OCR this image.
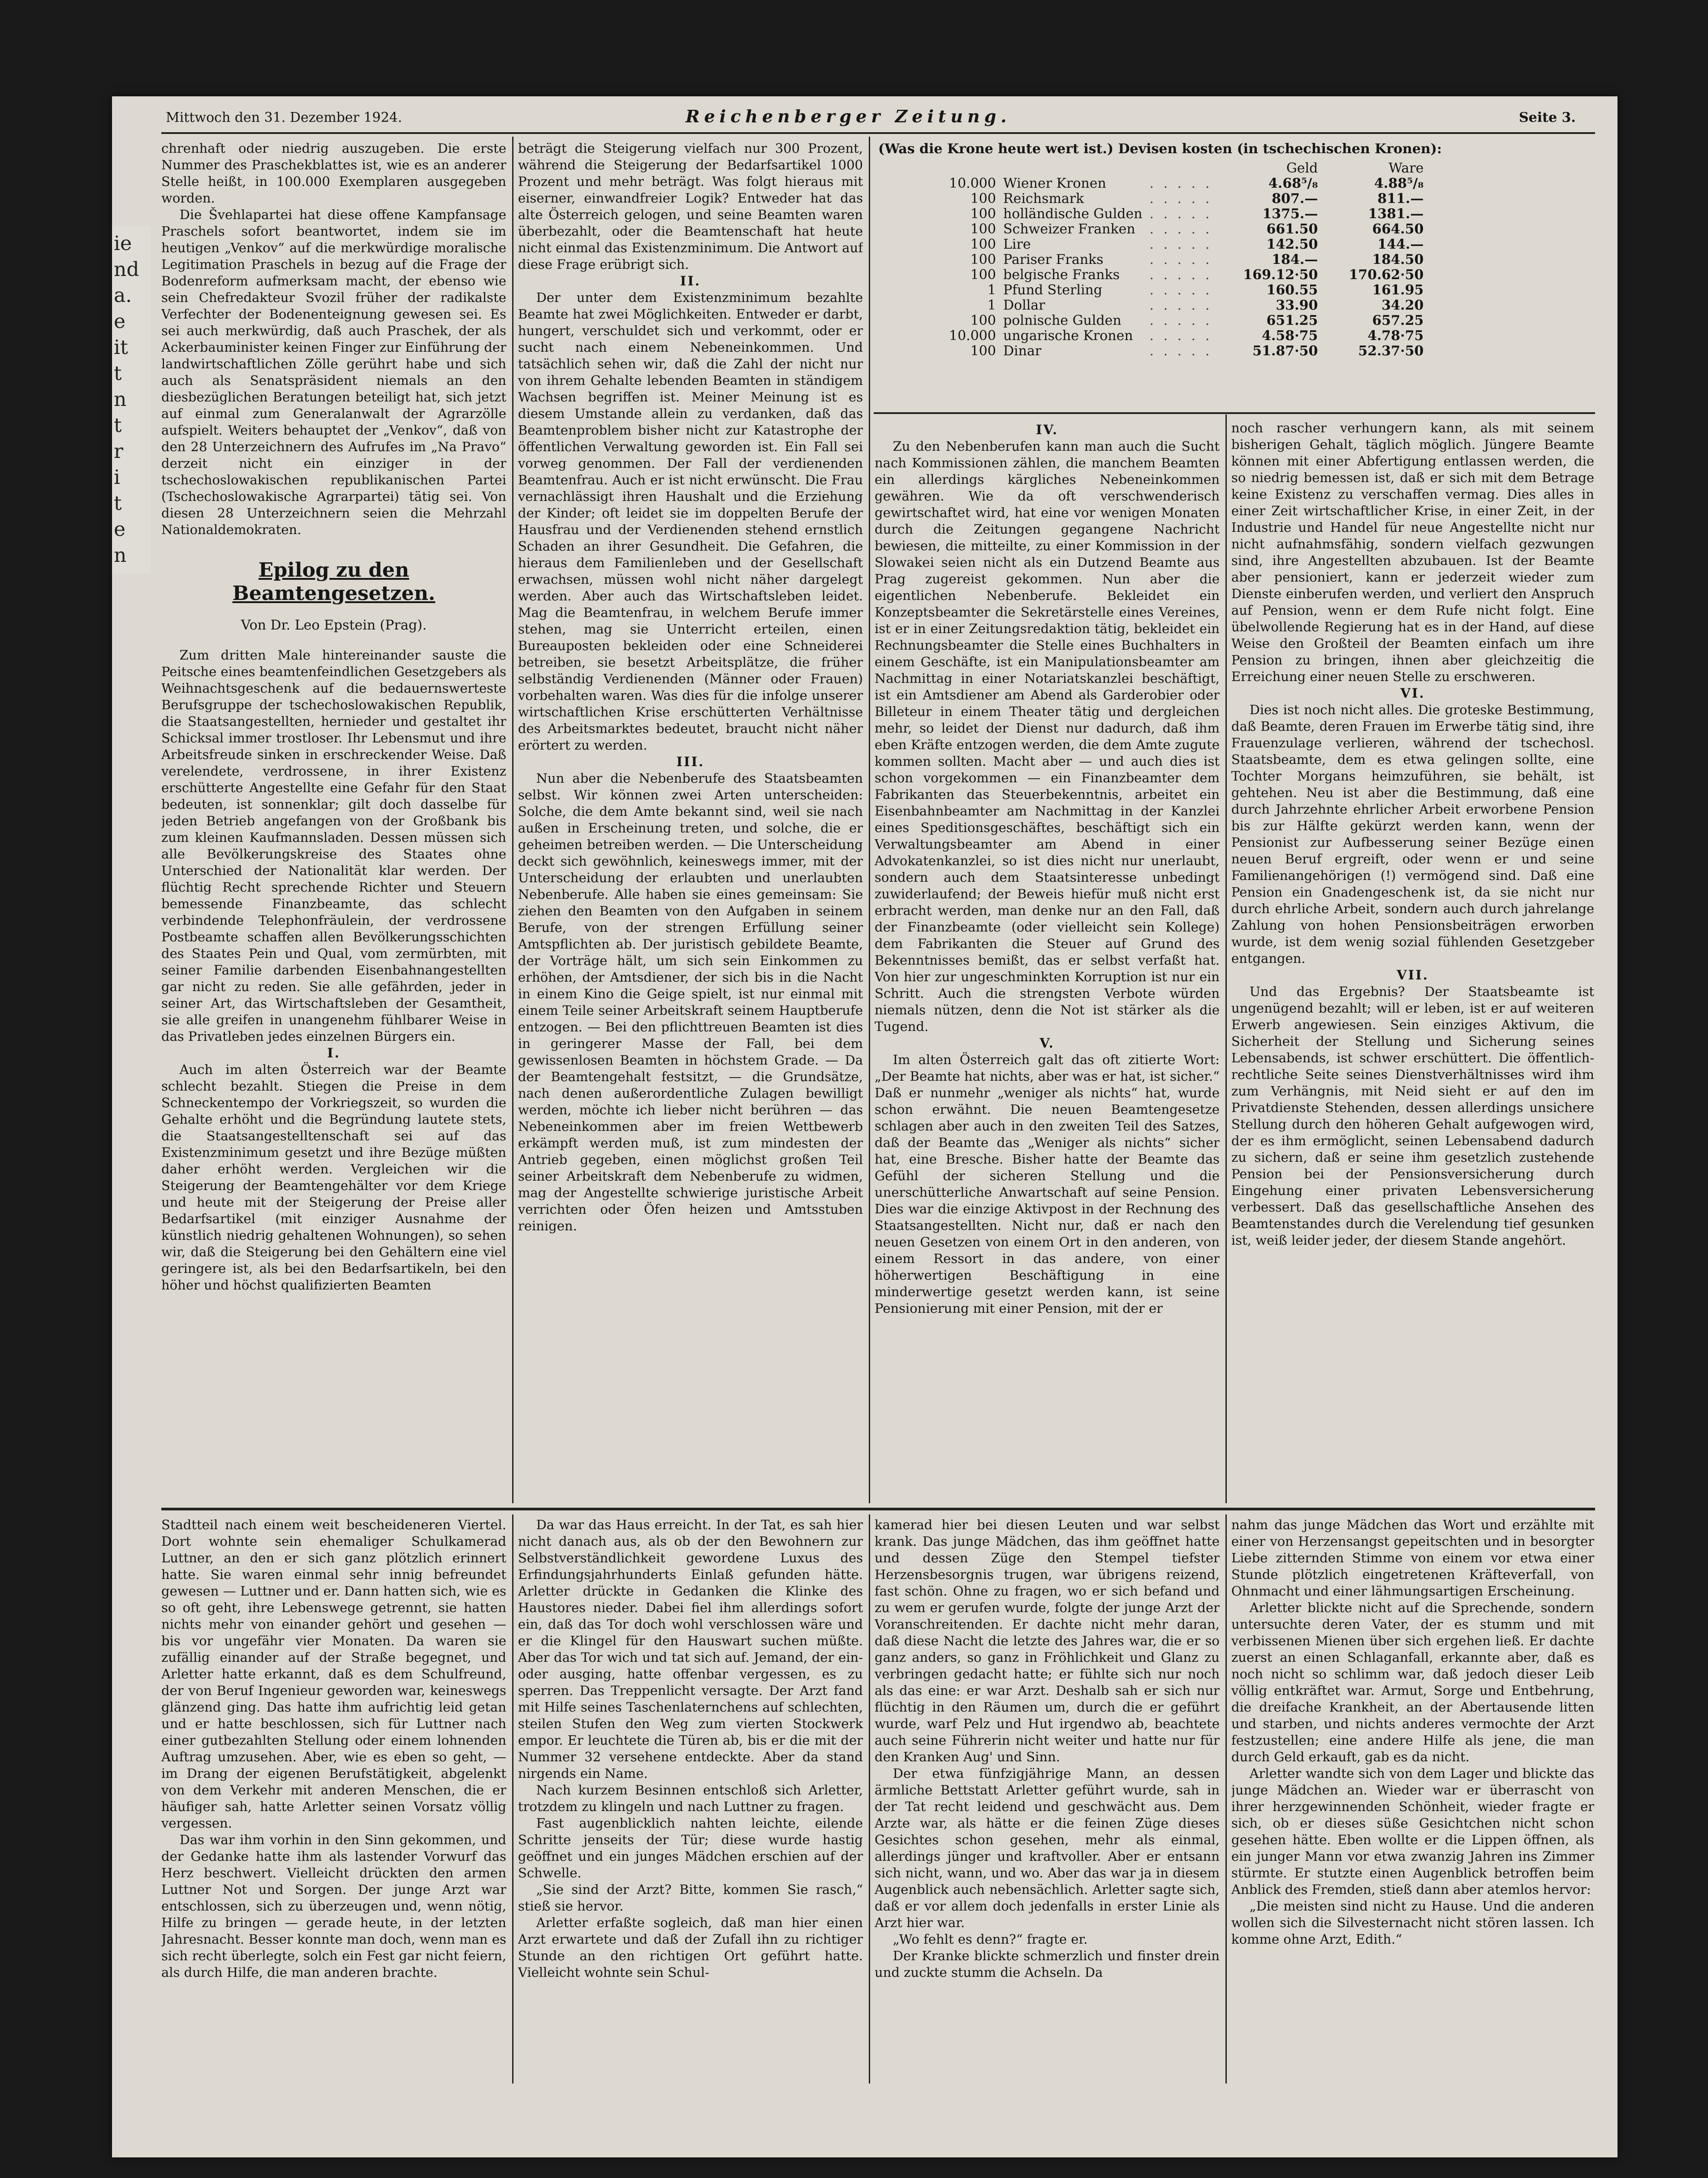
ie
nd
a.
e
it
t
n
t
r
i
t
e
n
Mittwoch den 31. Dezember 1924.	Reichenberger Zeitung.	Seite 3.

chrenhaft oder niedrig auszugeben. Die erste Nummer des Praschekblattes ist, wie es an anderer Stelle heißt, in 100.000 Exemplaren ausgegeben worden.

Die Švehlapartei hat diese offene Kampfansage Praschels sofort beantwortet, indem sie im heutigen „Venkov“ auf die merkwürdige moralische Legitimation Praschels in bezug auf die Frage der Bodenreform aufmerksam macht, der ebenso wie sein Chefredakteur Svozil früher der radikalste Verfechter der Bodenenteignung gewesen sei. Es sei auch merkwürdig, daß auch Praschek, der als Ackerbauminister keinen Finger zur Einführung der landwirtschaftlichen Zölle gerührt habe und sich auch als Senatspräsident niemals an den diesbezüglichen Beratungen beteiligt hat, sich jetzt auf einmal zum Generalanwalt der Agrarzölle aufspielt. Weiters behauptet der „Venkov“, daß von den 28 Unterzeichnern des Aufrufes im „Na Pravo“ derzeit nicht ein einziger in der tschechoslowakischen republikanischen Partei (Tschechoslowakische Agrarpartei) tätig sei. Von diesen 28 Unterzeichnern seien die Mehrzahl Nationaldemokraten.

Epilog zu den Beamtengesetzen.
Von Dr. Leo Epstein (Prag).

Zum dritten Male hintereinander sauste die Peitsche eines beamtenfeindlichen Gesetzgebers als Weihnachtsgeschenk auf die bedauernswerteste Berufsgruppe der tschechoslowakischen Republik, die Staatsangestellten, hernieder und gestaltet ihr Schicksal immer trostloser. Ihr Lebensmut und ihre Arbeitsfreude sinken in erschreckender Weise. Daß verelendete, verdrossene, in ihrer Existenz erschütterte Angestellte eine Gefahr für den Staat bedeuten, ist sonnenklar; gilt doch dasselbe für jeden Betrieb angefangen von der Großbank bis zum kleinen Kaufmannsladen. Dessen müssen sich alle Bevölkerungskreise des Staates ohne Unterschied der Nationalität klar werden. Der flüchtig Recht sprechende Richter und Steuern bemessende Finanzbeamte, das schlecht verbindende Telephonfräulein, der verdrossene Postbeamte schaffen allen Bevölkerungsschichten des Staates Pein und Qual, vom zermürbten, mit seiner Familie darbenden Eisenbahnangestellten gar nicht zu reden. Sie alle gefährden, jeder in seiner Art, das Wirtschaftsleben der Gesamtheit, sie alle greifen in unangenehm fühlbarer Weise in das Privatleben jedes einzelnen Bürgers ein.

I.

Auch im alten Österreich war der Beamte schlecht bezahlt. Stiegen die Preise in dem Schneckentempo der Vorkriegszeit, so wurden die Gehalte erhöht und die Begründung lautete stets, die Staatsangestelltenschaft sei auf das Existenzminimum gesetzt und ihre Bezüge müßten daher erhöht werden. Vergleichen wir die Steigerung der Beamtengehälter vor dem Kriege und heute mit der Steigerung der Preise aller Bedarfsartikel (mit einziger Ausnahme der künstlich niedrig gehaltenen Wohnungen), so sehen wir, daß die Steigerung bei den Gehältern eine viel geringere ist, als bei den Bedarfsartikeln, bei den höher und höchst qualifizierten Beamten

beträgt die Steigerung vielfach nur 300 Prozent, während die Steigerung der Bedarfsartikel 1000 Prozent und mehr beträgt. Was folgt hieraus mit eiserner, einwandfreier Logik? Entweder hat das alte Österreich gelogen, und seine Beamten waren überbezahlt, oder die Beamtenschaft hat heute nicht einmal das Existenzminimum. Die Antwort auf diese Frage erübrigt sich.

II.

Der unter dem Existenzminimum bezahlte Beamte hat zwei Möglichkeiten. Entweder er darbt, hungert, verschuldet sich und verkommt, oder er sucht nach einem Nebeneinkommen. Und tatsächlich sehen wir, daß die Zahl der nicht nur von ihrem Gehalte lebenden Beamten in ständigem Wachsen begriffen ist. Meiner Meinung ist es diesem Umstande allein zu verdanken, daß das Beamtenproblem bisher nicht zur Katastrophe der öffentlichen Verwaltung geworden ist. Ein Fall sei vorweg genommen. Der Fall der verdienenden Beamtenfrau. Auch er ist nicht erwünscht. Die Frau vernachlässigt ihren Haushalt und die Erziehung der Kinder; oft leidet sie im doppelten Berufe der Hausfrau und der Verdienenden stehend ernstlich Schaden an ihrer Gesundheit. Die Gefahren, die hieraus dem Familienleben und der Gesellschaft erwachsen, müssen wohl nicht näher dargelegt werden. Aber auch das Wirtschaftsleben leidet. Mag die Beamtenfrau, in welchem Berufe immer stehen, mag sie Unterricht erteilen, einen Bureauposten bekleiden oder eine Schneiderei betreiben, sie besetzt Arbeitsplätze, die früher selbständig Verdienenden (Männer oder Frauen) vorbehalten waren. Was dies für die infolge unserer wirtschaftlichen Krise erschütterten Verhältnisse des Arbeitsmarktes bedeutet, braucht nicht näher erörtert zu werden.

III.

Nun aber die Nebenberufe des Staatsbeamten selbst. Wir können zwei Arten unterscheiden: Solche, die dem Amte bekannt sind, weil sie nach außen in Erscheinung treten, und solche, die er geheimen betreiben werden. — Die Unterscheidung deckt sich gewöhnlich, keineswegs immer, mit der Unterscheidung der erlaubten und unerlaubten Nebenberufe. Alle haben sie eines gemeinsam: Sie ziehen den Beamten von den Aufgaben in seinem Berufe, von der strengen Erfüllung seiner Amtspflichten ab. Der juristisch gebildete Beamte, der Vorträge hält, um sich sein Einkommen zu erhöhen, der Amtsdiener, der sich bis in die Nacht in einem Kino die Geige spielt, ist nur einmal mit einem Teile seiner Arbeitskraft seinem Hauptberufe entzogen. — Bei den pflichttreuen Beamten ist dies in geringerer Masse der Fall, bei dem gewissenlosen Beamten in höchstem Grade. — Da der Beamtengehalt festsitzt, — die Grundsätze, nach denen außerordentliche Zulagen bewilligt werden, möchte ich lieber nicht berühren — das Nebeneinkommen aber im freien Wettbewerb erkämpft werden muß, ist zum mindesten der Antrieb gegeben, einen möglichst großen Teil seiner Arbeitskraft dem Nebenberufe zu widmen, mag der Angestellte schwierige juristische Arbeit verrichten oder Öfen heizen und Amtsstuben reinigen.

(Was die Krone heute wert ist.) Devisen kosten (in tschechischen Kronen):
			Geld	Ware
10.000	Wiener Kronen	. . . . .	4.68⁵/₈	4.88⁵/₈
100	Reichsmark	. . . . .	807.—	811.—
100	holländische Gulden	. . . . .	1375.—	1381.—
100	Schweizer Franken	. . . . .	661.50	664.50
100	Lire	. . . . .	142.50	144.—
100	Pariser Franks	. . . . .	184.—	184.50
100	belgische Franks	. . . . .	169.12·50	170.62·50
1	Pfund Sterling	. . . . .	160.55	161.95
1	Dollar	. . . . .	33.90	34.20
100	polnische Gulden	. . . . .	651.25	657.25
10.000	ungarische Kronen	. . . . .	4.58·75	4.78·75
100	Dinar	. . . . .	51.87·50	52.37·50

IV.

Zu den Nebenberufen kann man auch die Sucht nach Kommissionen zählen, die manchem Beamten ein allerdings kärgliches Nebeneinkommen gewähren. Wie da oft verschwenderisch gewirtschaftet wird, hat eine vor wenigen Monaten durch die Zeitungen gegangene Nachricht bewiesen, die mitteilte, zu einer Kommission in der Slowakei seien nicht als ein Dutzend Beamte aus Prag zugereist gekommen. Nun aber die eigentlichen Nebenberufe. Bekleidet ein Konzeptsbeamter die Sekretärstelle eines Vereines, ist er in einer Zeitungsredaktion tätig, bekleidet ein Rechnungsbeamter die Stelle eines Buchhalters in einem Geschäfte, ist ein Manipulationsbeamter am Nachmittag in einer Notariatskanzlei beschäftigt, ist ein Amtsdiener am Abend als Garderobier oder Billeteur in einem Theater tätig und dergleichen mehr, so leidet der Dienst nur dadurch, daß ihm eben Kräfte entzogen werden, die dem Amte zugute kommen sollten. Macht aber — und auch dies ist schon vorgekommen — ein Finanzbeamter dem Fabrikanten das Steuerbekenntnis, arbeitet ein Eisenbahnbeamter am Nachmittag in der Kanzlei eines Speditionsgeschäftes, beschäftigt sich ein Verwaltungsbeamter am Abend in einer Advokatenkanzlei, so ist dies nicht nur unerlaubt, sondern auch dem Staatsinteresse unbedingt zuwiderlaufend; der Beweis hiefür muß nicht erst erbracht werden, man denke nur an den Fall, daß der Finanzbeamte (oder vielleicht sein Kollege) dem Fabrikanten die Steuer auf Grund des Bekenntnisses bemißt, das er selbst verfaßt hat. Von hier zur ungeschminkten Korruption ist nur ein Schritt. Auch die strengsten Verbote würden niemals nützen, denn die Not ist stärker als die Tugend.

V.

Im alten Österreich galt das oft zitierte Wort: „Der Beamte hat nichts, aber was er hat, ist sicher.“ Daß er nunmehr „weniger als nichts“ hat, wurde schon erwähnt. Die neuen Beamtengesetze schlagen aber auch in den zweiten Teil des Satzes, daß der Beamte das „Weniger als nichts“ sicher hat, eine Bresche. Bisher hatte der Beamte das Gefühl der sicheren Stellung und die unerschütterliche Anwartschaft auf seine Pension. Dies war die einzige Aktivpost in der Rechnung des Staatsangestellten. Nicht nur, daß er nach den neuen Gesetzen von einem Ort in den anderen, von einem Ressort in das andere, von einer höherwertigen Beschäftigung in eine minderwertige gesetzt werden kann, ist seine Pensionierung mit einer Pension, mit der er

noch rascher verhungern kann, als mit seinem bisherigen Gehalt, täglich möglich. Jüngere Beamte können mit einer Abfertigung entlassen werden, die so niedrig bemessen ist, daß er sich mit dem Betrage keine Existenz zu verschaffen vermag. Dies alles in einer Zeit wirtschaftlicher Krise, in einer Zeit, in der Industrie und Handel für neue Angestellte nicht nur nicht aufnahmsfähig, sondern vielfach gezwungen sind, ihre Angestellten abzubauen. Ist der Beamte aber pensioniert, kann er jederzeit wieder zum Dienste einberufen werden, und verliert den Anspruch auf Pension, wenn er dem Rufe nicht folgt. Eine übelwollende Regierung hat es in der Hand, auf diese Weise den Großteil der Beamten einfach um ihre Pension zu bringen, ihnen aber gleichzeitig die Erreichung einer neuen Stelle zu erschweren.

VI.

Dies ist noch nicht alles. Die groteske Bestimmung, daß Beamte, deren Frauen im Erwerbe tätig sind, ihre Frauenzulage verlieren, während der tschechosl. Staatsbeamte, dem es etwa gelingen sollte, eine Tochter Morgans heimzuführen, sie behält, ist gehtehen. Neu ist aber die Bestimmung, daß eine durch Jahrzehnte ehrlicher Arbeit erworbene Pension bis zur Hälfte gekürzt werden kann, wenn der Pensionist zur Aufbesserung seiner Bezüge einen neuen Beruf ergreift, oder wenn er und seine Familienangehörigen (!) vermögend sind. Daß eine Pension ein Gnadengeschenk ist, da sie nicht nur durch ehrliche Arbeit, sondern auch durch jahrelange Zahlung von hohen Pensionsbeiträgen erworben wurde, ist dem wenig sozial fühlenden Gesetzgeber entgangen.

VII.

Und das Ergebnis? Der Staatsbeamte ist ungenügend bezahlt; will er leben, ist er auf weiteren Erwerb angewiesen. Sein einziges Aktivum, die Sicherheit der Stellung und Sicherung seines Lebensabends, ist schwer erschüttert. Die öffentlich-rechtliche Seite seines Dienstverhältnisses wird ihm zum Verhängnis, mit Neid sieht er auf den im Privatdienste Stehenden, dessen allerdings unsichere Stellung durch den höheren Gehalt aufgewogen wird, der es ihm ermöglicht, seinen Lebensabend dadurch zu sichern, daß er seine ihm gesetzlich zustehende Pension bei der Pensionsversicherung durch Eingehung einer privaten Lebensversicherung verbessert. Daß das gesellschaftliche Ansehen des Beamtenstandes durch die Verelendung tief gesunken ist, weiß leider jeder, der diesem Stande angehört.

Stadtteil nach einem weit bescheideneren Viertel. Dort wohnte sein ehemaliger Schulkamerad Luttner, an den er sich ganz plötzlich erinnert hatte. Sie waren einmal sehr innig befreundet gewesen — Luttner und er. Dann hatten sich, wie es so oft geht, ihre Lebenswege getrennt, sie hatten nichts mehr von einander gehört und gesehen — bis vor ungefähr vier Monaten. Da waren sie zufällig einander auf der Straße begegnet, und Arletter hatte erkannt, daß es dem Schulfreund, der von Beruf Ingenieur geworden war, keineswegs glänzend ging. Das hatte ihm aufrichtig leid getan und er hatte beschlossen, sich für Luttner nach einer gutbezahlten Stellung oder einem lohnenden Auftrag umzusehen. Aber, wie es eben so geht, — im Drang der eigenen Berufstätigkeit, abgelenkt von dem Verkehr mit anderen Menschen, die er häufiger sah, hatte Arletter seinen Vorsatz völlig vergessen.

Das war ihm vorhin in den Sinn gekommen, und der Gedanke hatte ihm als lastender Vorwurf das Herz beschwert. Vielleicht drückten den armen Luttner Not und Sorgen. Der junge Arzt war entschlossen, sich zu überzeugen und, wenn nötig, Hilfe zu bringen — gerade heute, in der letzten Jahresnacht. Besser konnte man doch, wenn man es sich recht überlegte, solch ein Fest gar nicht feiern, als durch Hilfe, die man anderen brachte.

Da war das Haus erreicht. In der Tat, es sah hier nicht danach aus, als ob der den Bewohnern zur Selbstverständlichkeit gewordene Luxus des Erfindungsjahrhunderts Einlaß gefunden hätte. Arletter drückte in Gedanken die Klinke des Haustores nieder. Dabei fiel ihm allerdings sofort ein, daß das Tor doch wohl verschlossen wäre und er die Klingel für den Hauswart suchen müßte. Aber das Tor wich und tat sich auf. Jemand, der ein- oder ausging, hatte offenbar vergessen, es zu sperren. Das Treppenlicht versagte. Der Arzt fand mit Hilfe seines Taschenlaternchens auf schlechten, steilen Stufen den Weg zum vierten Stockwerk empor. Er leuchtete die Türen ab, bis er die mit der Nummer 32 versehene entdeckte. Aber da stand nirgends ein Name.

Nach kurzem Besinnen entschloß sich Arletter, trotzdem zu klingeln und nach Luttner zu fragen.

Fast augenblicklich nahten leichte, eilende Schritte jenseits der Tür; diese wurde hastig geöffnet und ein junges Mädchen erschien auf der Schwelle.

„Sie sind der Arzt? Bitte, kommen Sie rasch,“ stieß sie hervor.

Arletter erfaßte sogleich, daß man hier einen Arzt erwartete und daß der Zufall ihn zu richtiger Stunde an den richtigen Ort geführt hatte. Vielleicht wohnte sein Schul-

kamerad hier bei diesen Leuten und war selbst krank. Das junge Mädchen, das ihm geöffnet hatte und dessen Züge den Stempel tiefster Herzensbesorgnis trugen, war übrigens reizend, fast schön. Ohne zu fragen, wo er sich befand und zu wem er gerufen wurde, folgte der junge Arzt der Voranschreitenden. Er dachte nicht mehr daran, daß diese Nacht die letzte des Jahres war, die er so ganz anders, so ganz in Fröhlichkeit und Glanz zu verbringen gedacht hatte; er fühlte sich nur noch als das eine: er war Arzt. Deshalb sah er sich nur flüchtig in den Räumen um, durch die er geführt wurde, warf Pelz und Hut irgendwo ab, beachtete auch seine Führerin nicht weiter und hatte nur für den Kranken Aug' und Sinn.

Der etwa fünfzigjährige Mann, an dessen ärmliche Bettstatt Arletter geführt wurde, sah in der Tat recht leidend und geschwächt aus. Dem Arzte war, als hätte er die feinen Züge dieses Gesichtes schon gesehen, mehr als einmal, allerdings jünger und kraftvoller. Aber er entsann sich nicht, wann, und wo. Aber das war ja in diesem Augenblick auch nebensächlich. Arletter sagte sich, daß er vor allem doch jedenfalls in erster Linie als Arzt hier war.

„Wo fehlt es denn?“ fragte er.

Der Kranke blickte schmerzlich und finster drein und zuckte stumm die Achseln. Da

nahm das junge Mädchen das Wort und erzählte mit einer von Herzensangst gepeitschten und in besorgter Liebe zitternden Stimme von einem vor etwa einer Stunde plötzlich eingetretenen Kräfteverfall, von Ohnmacht und einer lähmungsartigen Erscheinung.

Arletter blickte nicht auf die Sprechende, sondern untersuchte deren Vater, der es stumm und mit verbissenen Mienen über sich ergehen ließ. Er dachte zuerst an einen Schlaganfall, erkannte aber, daß es noch nicht so schlimm war, daß jedoch dieser Leib völlig entkräftet war. Armut, Sorge und Entbehrung, die dreifache Krankheit, an der Abertausende litten und starben, und nichts anderes vermochte der Arzt festzustellen; eine andere Hilfe als jene, die man durch Geld erkauft, gab es da nicht.

Arletter wandte sich von dem Lager und blickte das junge Mädchen an. Wieder war er überrascht von ihrer herzgewinnenden Schönheit, wieder fragte er sich, ob er dieses süße Gesichtchen nicht schon gesehen hätte. Eben wollte er die Lippen öffnen, als ein junger Mann vor etwa zwanzig Jahren ins Zimmer stürmte. Er stutzte einen Augenblick betroffen beim Anblick des Fremden, stieß dann aber atemlos hervor:

„Die meisten sind nicht zu Hause. Und die anderen wollen sich die Silvesternacht nicht stören lassen. Ich komme ohne Arzt, Edith.“
